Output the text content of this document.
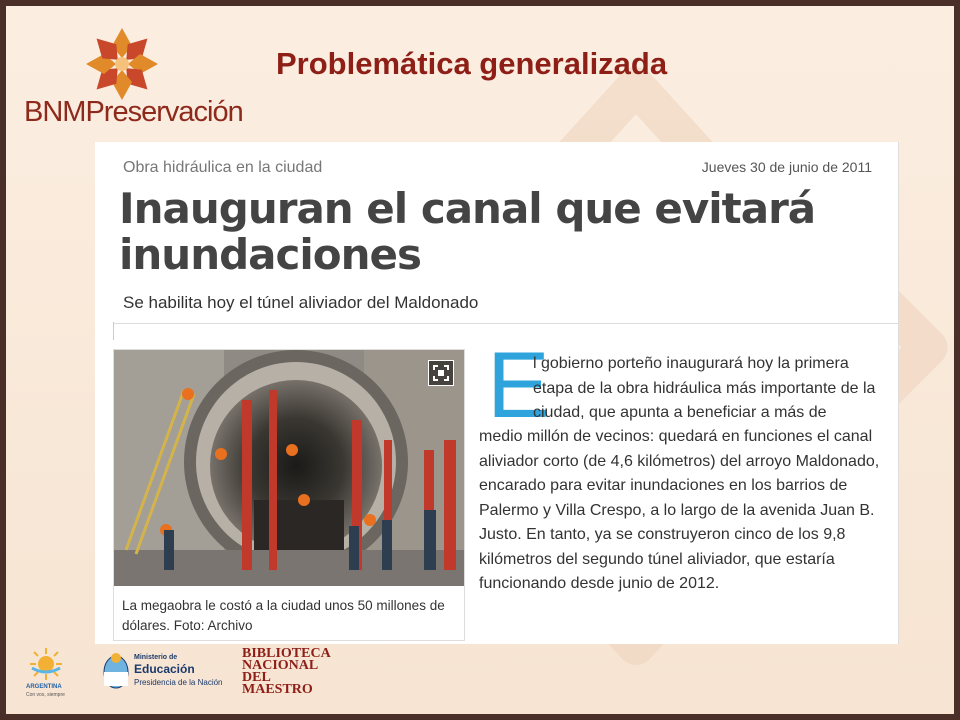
BNMPreservación
Problemática generalizada
Obra hidráulica en la ciudad	Jueves 30 de junio de 2011
Inauguran el canal que evitará inundaciones
Se habilita hoy el túnel aliviador del Maldonado
La megaobra le costó a la ciudad unos 50 millones de dólares. Foto: Archivo
E
l gobierno porteño inaugurará hoy la primera etapa de la obra hidráulica más importante de la ciudad, que apunta a beneficiar a más de
medio millón de vecinos: quedará en funciones el canal aliviador corto (de 4,6 kilómetros) del arroyo Maldonado, encarado para evitar inundaciones en los barrios de Palermo y Villa Crespo, a lo largo de la avenida Juan B. Justo. En tanto, ya se construyeron cinco de los 9,8 kilómetros del segundo túnel aliviador, que estaría funcionando desde junio de 2012.
ARGENTINA
Con vos, siempre
Ministerio de
Educación
Presidencia de la Nación
BIBLIOTECA
NACIONAL
DEL MAESTRO
